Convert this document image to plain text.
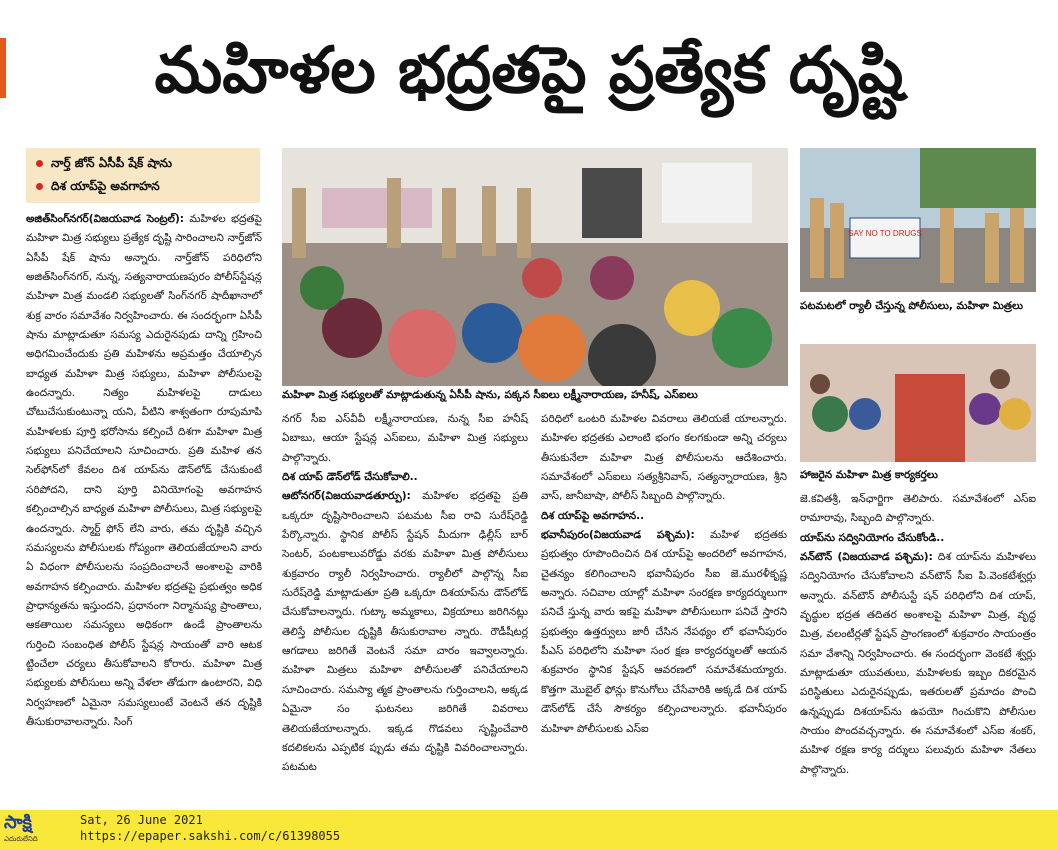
మహిళల భద్రతపై ప్రత్యేక దృష్టి
నార్త్ జోన్ ఏసీపీ షేక్ షాను
దిశ యాప్‌పై అవగాహన
మహిళా మిత్ర సభ్యులతో మాట్లాడుతున్న ఏసీపీ షాను, పక్కన సీఐలు లక్ష్మీనారాయణ, హనీష్, ఎస్ఐలు
SAY NO TO DRUGS
పటమటలో ర్యాలీ చేస్తున్న పోలీసులు, మహిళా మిత్రలు
హాజరైన మహిళా మిత్ర కార్యకర్తలు

అజిత్‌సింగ్‌నగర్(విజయవాడ సెంట్రల్): మహిళల భద్రతపై మహిళా మిత్ర సభ్యులు ప్రత్యేక దృష్టి సారించాలని నార్త్‌జోన్ ఏసీపీ షేక్ షాను అన్నారు. నార్త్‌జోన్ పరిధిలోని అజిత్‌సింగ్‌నగర్, నున్న, సత్యనారాయణపురం పోలీస్‌స్టేషన్ల మహిళా మిత్ర మండలి సభ్యులతో సింగ్‌నగర్ షాదీఖానాలో శుక్ర వారం సమావేశం నిర్వహించారు. ఈ సందర్భంగా ఏసీపీ షాను మాట్లాడుతూ సమస్య ఎదురైనపుడు దాన్ని గ్రహించి అధిగమించేందుకు ప్రతి మహిళను అప్రమత్తం చేయాల్సిన బాధ్యత మహిళా మిత్ర సభ్యులు, మహిళా పోలీసులపై ఉందన్నారు. నిత్యం మహిళలపై దాడులు చోటుచేసుకుంటున్నా యని, వీటిని శాశ్వతంగా రూపుమాపి మహిళలకు పూర్తి భరోసాను కల్పించే దిశగా మహిళా మిత్ర సభ్యులు పనిచేయాలని సూచించారు. ప్రతి మహిళ తన సెల్‌ఫోన్‌లో కేవలం దిశ యాప్‌ను డౌన్‌లోడ్ చేసుకుంటే సరిపోదని, దాని పూర్తి వినియోగంపై అవగాహన కల్పించాల్సిన బాధ్యత మహిళా పోలీసులు, మిత్ర సభ్యులపై ఉందన్నారు. స్మార్ట్ ఫోన్ లేని వారు, తమ దృష్టికి వచ్చిన సమస్యలను పోలీసులకు గోప్యంగా తెలియజేయాలని వారు ఏ విధంగా పోలీసులను సంప్రదించాలనే అంశాలపై వారికి అవగాహన కల్పించారు. మహిళల భద్రతపై ప్రభుత్వం అధిక ప్రాధాన్యతను ఇస్తుందని, ప్రధానంగా నిర్మానుష్య ప్రాంతాలు, ఆకతాయిల సమస్యలు అధికంగా ఉండే ప్రాంతాలను గుర్తించి సంబంధిత పోలీస్ స్టేషన్ల సాయంతో వారి ఆటక ట్టించేలా చర్యలు తీసుకోవాలని కోరారు. మహిళా మిత్ర సభ్యులకు పోలీసులు అన్ని వేళలా తోడుగా ఉంటారని, విధి నిర్వహణలో ఏమైనా సమస్యలుంటే వెంటనే తన దృష్టికి తీసుకురావాలన్నారు. సింగ్

నగర్ సీఐ ఎస్‌వీవీ లక్ష్మీనారాయణ, నున్న సీఐ హనీష్ ఏబాబు, ఆయా స్టేషన్ల ఎస్ఐలు, మహిళా మిత్ర సభ్యులు పాల్గొన్నారు.

దిశ యాప్ డౌన్‌లోడ్ చేసుకోవాలి..

ఆటోనగర్(విజయవాడతూర్పు): మహిళల భద్రతపై ప్రతి ఒక్కరూ దృష్టిసారించాలని పటమట సీఐ రావి సురేష్‌రెడ్డి పేర్కొన్నారు. స్థానిక పోలీస్ స్టేషన్ మీదుగా ఢిల్లీస్ బార్ సెంటర్, పంటకాలువరోడ్డు వరకు మహిళా మిత్ర పోలీసులు శుక్రవారం ర్యాలీ నిర్వహించారు. ర్యాలీలో పాల్గొన్న సీఐ సురేష్‌రెడ్డి మాట్లాడుతూ ప్రతి ఒక్కరూ దిశయాప్‌ను డౌన్‌లోడ్ చేసుకోవాలన్నారు. గుట్కా అమ్మకాలు, విక్రయాలు జరిగినట్లు తెలిస్తే పోలీసుల దృష్టికి తీసుకురావాల న్నారు. రౌడీషీటర్ల ఆగడాలు జరిగితే వెంటనే సమా చారం ఇవ్వాలన్నారు. మహిళా మిత్రలు మహిళా పోలీసులతో పనిచేయాలని సూచించారు. సమస్యా త్మక ప్రాంతాలను గుర్తించాలని, అక్కడ ఏమైనా సం ఘటనలు జరిగితే వివరాలు తెలియజేయాలన్నారు. ఇక్కడ గొడవలు సృష్టించేవారి కదలికలను ఎప్పటిక ప్పుడు తమ దృష్టికి వివరించాలన్నారు. పటమట

పరిధిలో ఒంటరి మహిళల వివరాలు తెలియజే యాలన్నారు. మహిళల భద్రతకు ఎలాంటి భంగం కలగకుండా అన్ని చర్యలు తీసుకునేలా మహిళా మిత్ర పోలీసులను ఆదేశించారు. సమావేశంలో ఎస్ఐలు సత్యశ్రీనివాస్, సత్యన్నారాయణ, శ్రీని వాస్, జానీబాషా, పోలీస్ సిబ్బంది పాల్గొన్నారు.

దిశ యాప్‌పై అవగాహన..

భవానీపురం(విజయవాడ పశ్చిమ): మహిళ భద్రతకు ప్రభుత్వం రూపొందించిన దిశ యాప్‌పై అందరిలో అవగాహన, చైతన్యం కలిగించాలని భవానీపురం సీఐ జె.మురళీకృష్ణ అన్నారు. సచివాల యాల్లో మహిళా సంరక్షణ కార్యదర్శులుగా పనిచే స్తున్న వారు ఇకపై మహిళా పోలీసులుగా పనిచే స్తారని ప్రభుత్వం ఉత్తర్వులు జారీ చేసిన నేపథ్యం లో భవానీపురం పీఎస్ పరిధిలోని మహిళా సంర క్షణ కార్యదర్శులతో ఆయన శుక్రవారం స్థానిక స్టేషన్ ఆవరణలో సమావేశమయ్యారు. కొత్తగా మొబైల్ ఫోన్లు కొనుగోలు చేసేవారికి అక్కడే దిశ యాప్ డౌన్‌లోడ్ చేసే సౌకర్యం కల్పించాలన్నారు. భవానీపురం మహిళా పోలీసులకు ఎస్ఐ

జె.కవితశ్రీ, ఇన్‌ఛార్జిగా తెలిపారు. సమావేశంలో ఎస్ఐ రామారావు, సిబ్బంది పాల్గొన్నారు.

యాప్‌ను సద్వినియోగం చేసుకోండి..

వన్‌టౌన్ (విజయవాడ పశ్చిమ): దిశ యాప్‌ను మహిళలు సద్వినియోగం చేసుకోవాలని వన్‌టౌన్ సీఐ పి.వెంకటేశ్వర్లు అన్నారు. వన్‌టౌన్ పోలీసుస్టే షన్ పరిధిలోని దిశ యాప్, వృద్ధుల భద్రత తదితర అంశాలపై మహిళా మిత్ర, వృద్ధ మిత్ర, వలంటీర్లతో స్టేషన్ ప్రాంగణంలో శుక్రవారం సాయంత్రం సమా వేశాన్ని నిర్వహించారు. ఈ సందర్భంగా వెంకటే శ్వర్లు మాట్లాడుతూ యువతులు, మహిళలకు ఇబ్బం దికరమైన పరిస్థితులు ఎదురైనప్పుడు, ఇతరులతో ప్రమాదం పొంచి ఉన్నప్పుడు దిశయాప్‌ను ఉపయో గించుకొని పోలీసుల సాయం పొందవచ్చన్నారు. ఈ సమావేశంలో ఎస్ఐ శంకర్, మహిళ రక్షణ కార్య దర్శులు పలువురు మహిళా నేతలు పాల్గొన్నారు.

సాక్షి
ఎదురులేనిది
Sat, 26 June 2021
https://epaper.sakshi.com/c/61398055
